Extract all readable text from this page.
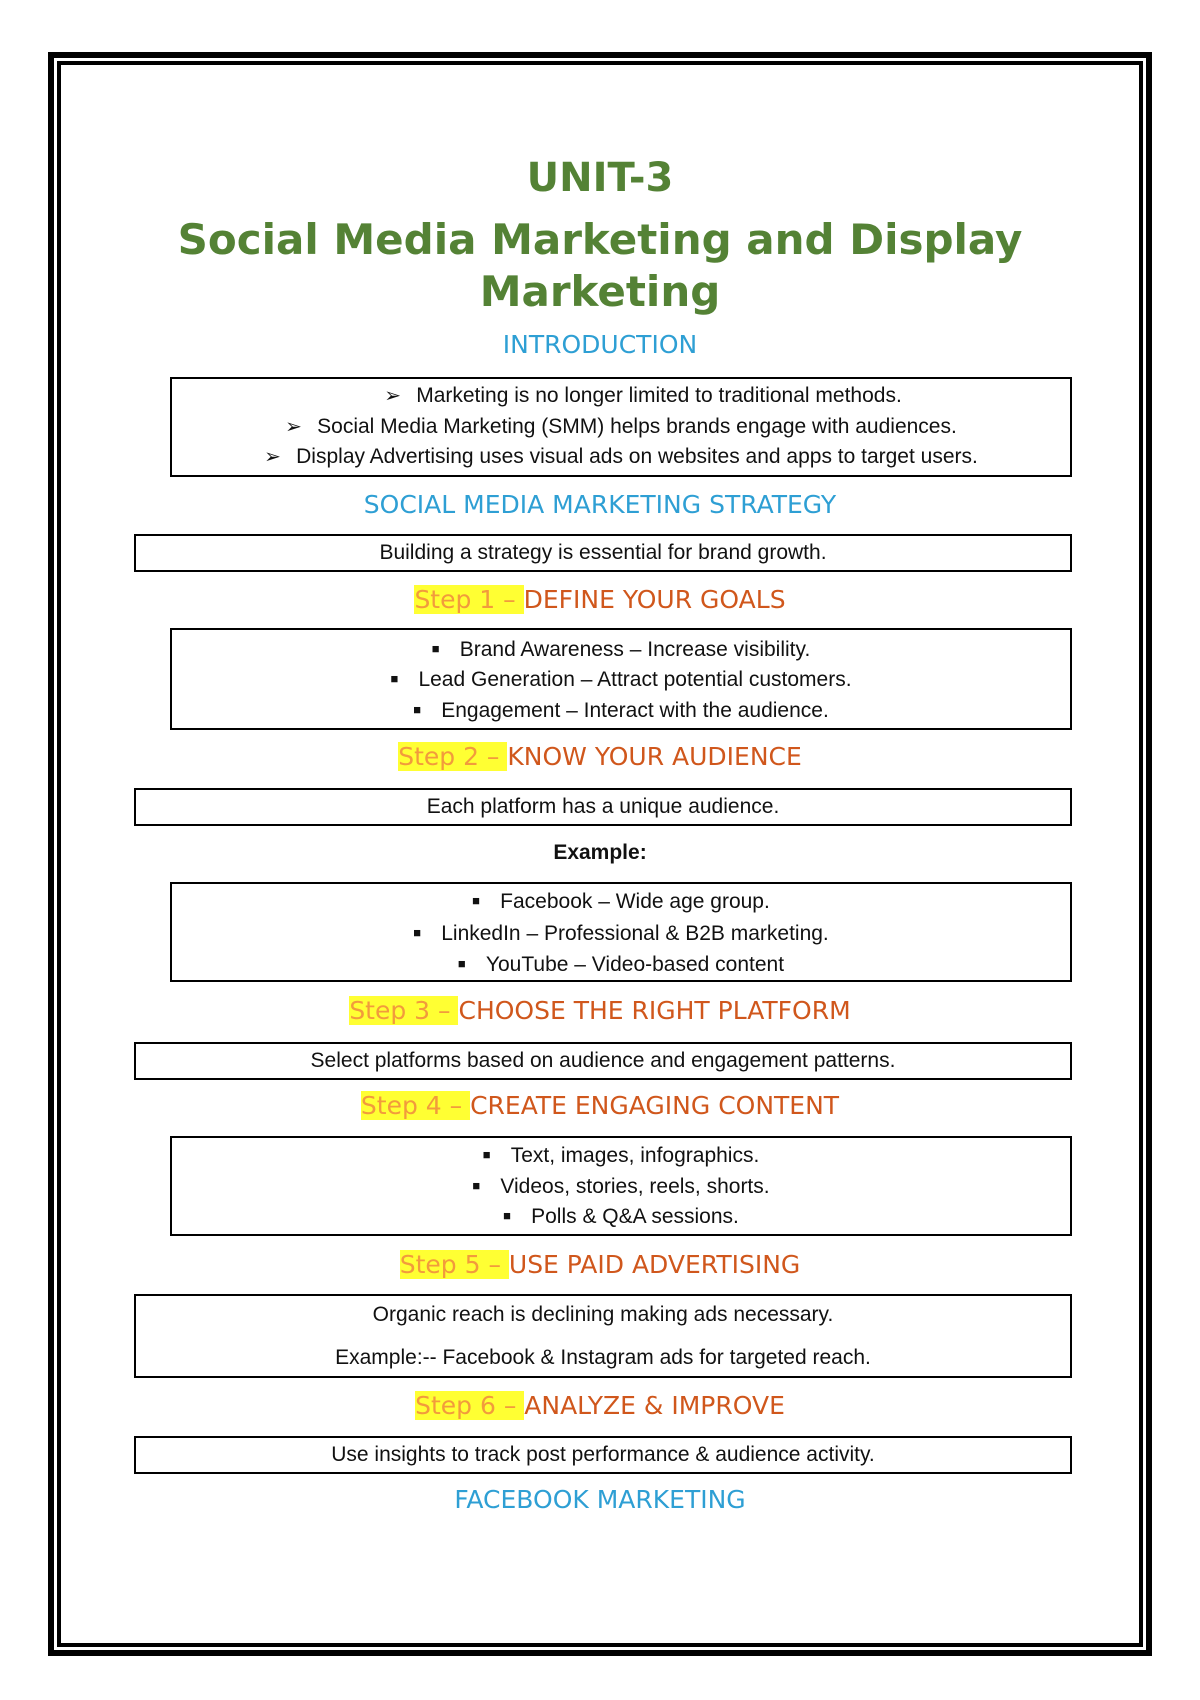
UNIT-3
Social Media Marketing and Display
Marketing
INTRODUCTION
➢ Marketing is no longer limited to traditional methods.
➢ Social Media Marketing (SMM) helps brands engage with audiences.
➢ Display Advertising uses visual ads on websites and apps to target users.
SOCIAL MEDIA MARKETING STRATEGY
Building a strategy is essential for brand growth.
Step 1 – DEFINE YOUR GOALS
■ Brand Awareness – Increase visibility.
■ Lead Generation – Attract potential customers.
■ Engagement – Interact with the audience.
Step 2 – KNOW YOUR AUDIENCE
Each platform has a unique audience.
Example:
■ Facebook – Wide age group.
■ LinkedIn – Professional & B2B marketing.
■ YouTube – Video-based content
Step 3 – CHOOSE THE RIGHT PLATFORM
Select platforms based on audience and engagement patterns.
Step 4 – CREATE ENGAGING CONTENT
■ Text, images, infographics.
■ Videos, stories, reels, shorts.
■ Polls & Q&A sessions.
Step 5 – USE PAID ADVERTISING
Organic reach is declining making ads necessary.
Example:-- Facebook & Instagram ads for targeted reach.
Step 6 – ANALYZE & IMPROVE
Use insights to track post performance & audience activity.
FACEBOOK MARKETING
